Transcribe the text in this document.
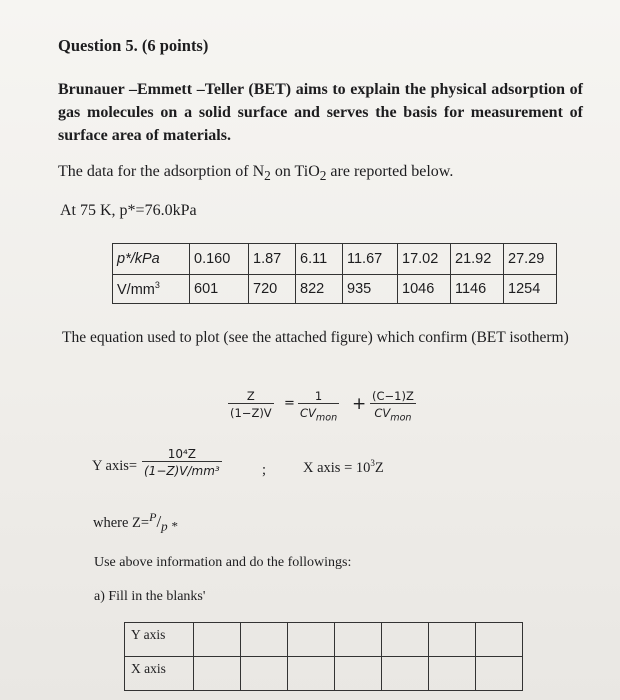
Question 5. (6 points)
Brunauer –Emmett –Teller (BET) aims to explain the physical adsorption of gas molecules on a solid surface and serves the basis for measurement of surface area of materials.
The data for the adsorption of $N_2$ on TiO$_2$ are reported below.
At 75 K, p*=76.0kPa
p*/kPa	0.160	1.87	6.11	11.67	17.02	21.92	27.29
$V/mm^3$	601	720	822	935	1046	1146	1254
The equation used to plot (see the attached figure) which confirm (BET isotherm)
$\frac{Z}{(1-Z)V}$ =	1
$CV_{mon}$
+ (C−1)Z
$CV_{mon}$
Y axis= $\frac{\text{10⁴Z}}{\text{(1−Z)V/mm³}}$	;	X axis = $10^3Z$
where $Z=^P/_{p *}$
Use above information and do the followings:
a) Fill in the blanks'
Y axis							
X axis							
